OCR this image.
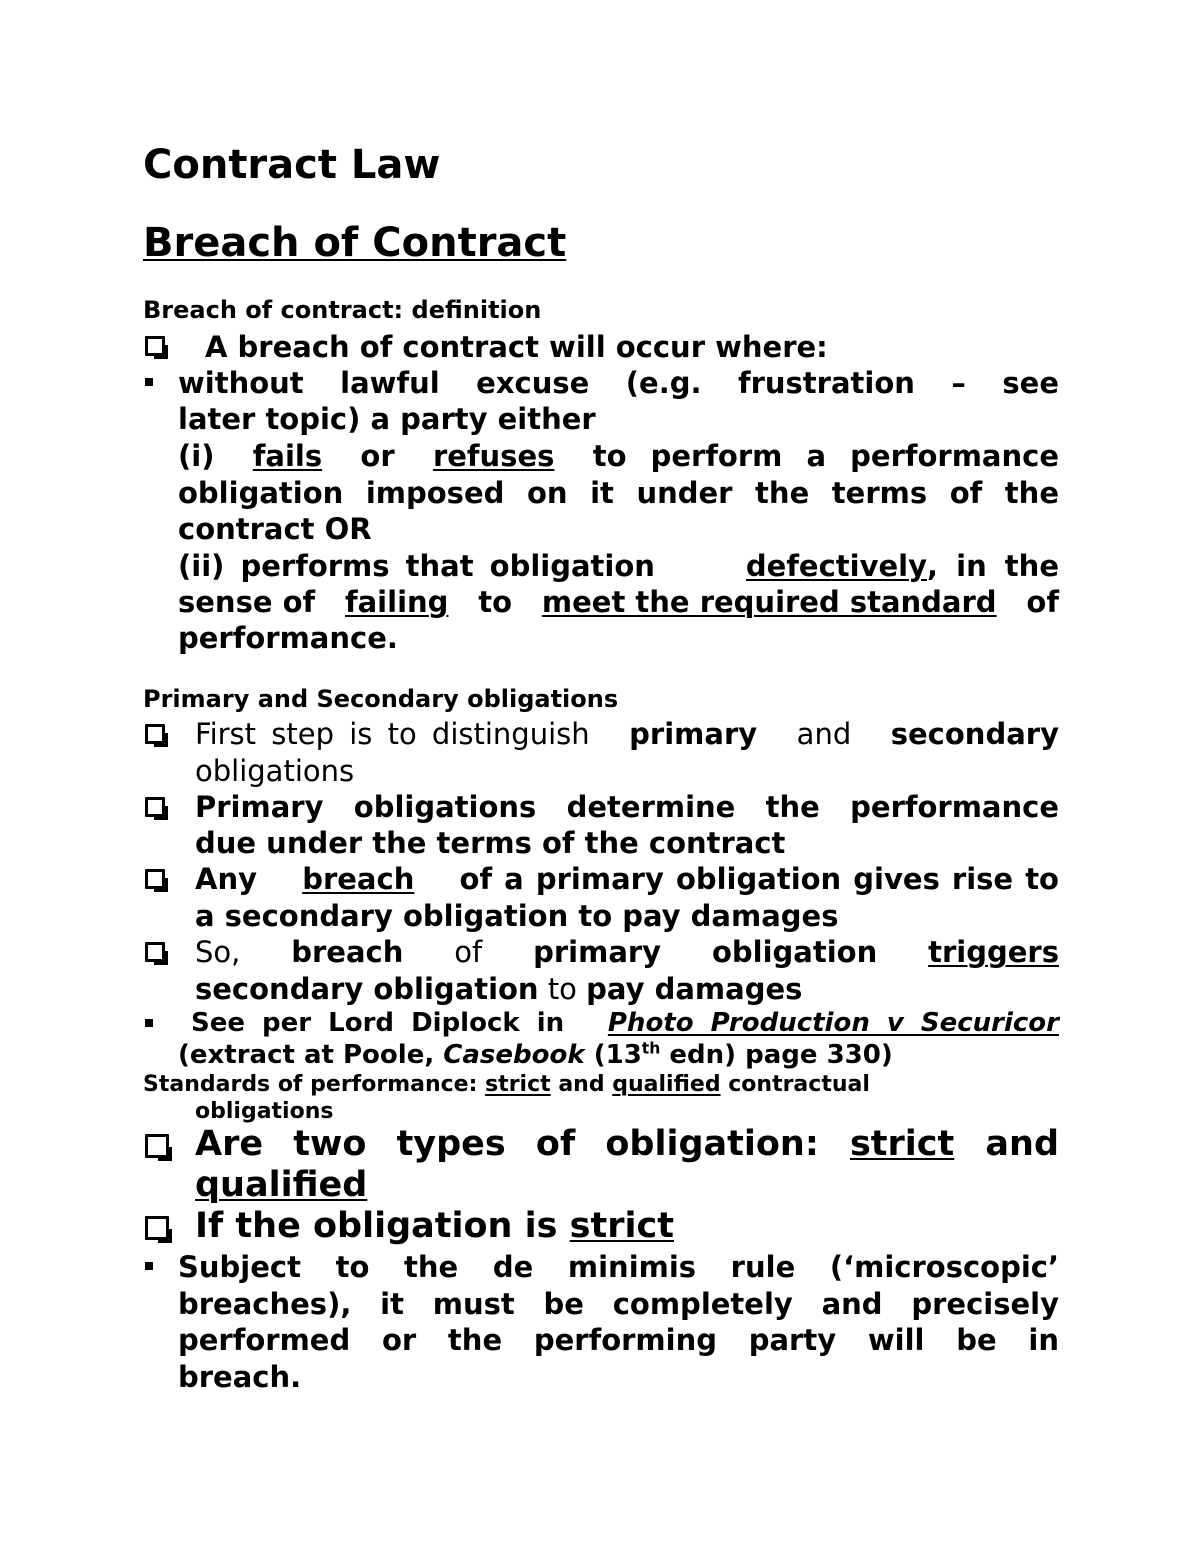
Contract Law
Breach of Contract
Breach of contract: definition
A breach of contract will occur where:
without lawful excuse (e.g. frustration – see
later topic) a party either
(i) fails or refuses to perform a performance
obligation imposed on it under the terms of the
contract OR
(ii) performs that obligation	defectively, in the
sense of failing to meet the required standard of
performance.
Primary and Secondary obligations
First step is to distinguish primary and secondary
obligations
Primary obligations determine the performance
due under the terms of the contract
Any breach of a primary obligation gives rise to
a secondary obligation to pay damages
So, breach of primary obligation triggers
secondary obligation to pay damages
See per Lord Diplock in Photo Production v Securicor
(extract at Poole, Casebook (13th edn) page 330)
Standards of performance: strict and qualified contractual
obligations
Are two types of obligation: strict and
qualified
If the obligation is strict
Subject to the de minimis rule (‘microscopic’
breaches), it must be completely and precisely
performed or the performing party will be in
breach.
